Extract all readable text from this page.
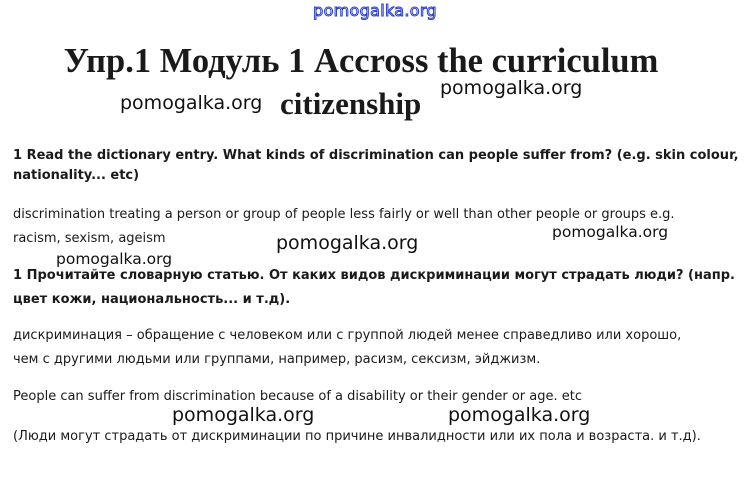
pomogalka.org
Упр.1 Модуль 1 Accross the curriculum
pomogalka.org citizenship pomogalka.org
1 Read the dictionary entry. What kinds of discrimination can people suffer from? (e.g. skin colour,
nationality... etc)
discrimination treating a person or group of people less fairly or well than other people or groups e.g.
racism, sexism, ageism	pomogalka.org	pomogalka.org
pomogalka.org
1 Прочитайте словарную статью. От каких видов дискриминации могут страдать люди? (напр.
цвет кожи, национальность... и т.д).
дискриминация – обращение с человеком или с группой людей менее справедливо или хорошо,
чем с другими людьми или группами, например, расизм, сексизм, эйджизм.
People can suffer from discrimination because of a disability or their gender or age. etc
pomogalka.org	pomogalka.org
(Люди могут страдать от дискриминации по причине инвалидности или их пола и возраста. и т.д).
